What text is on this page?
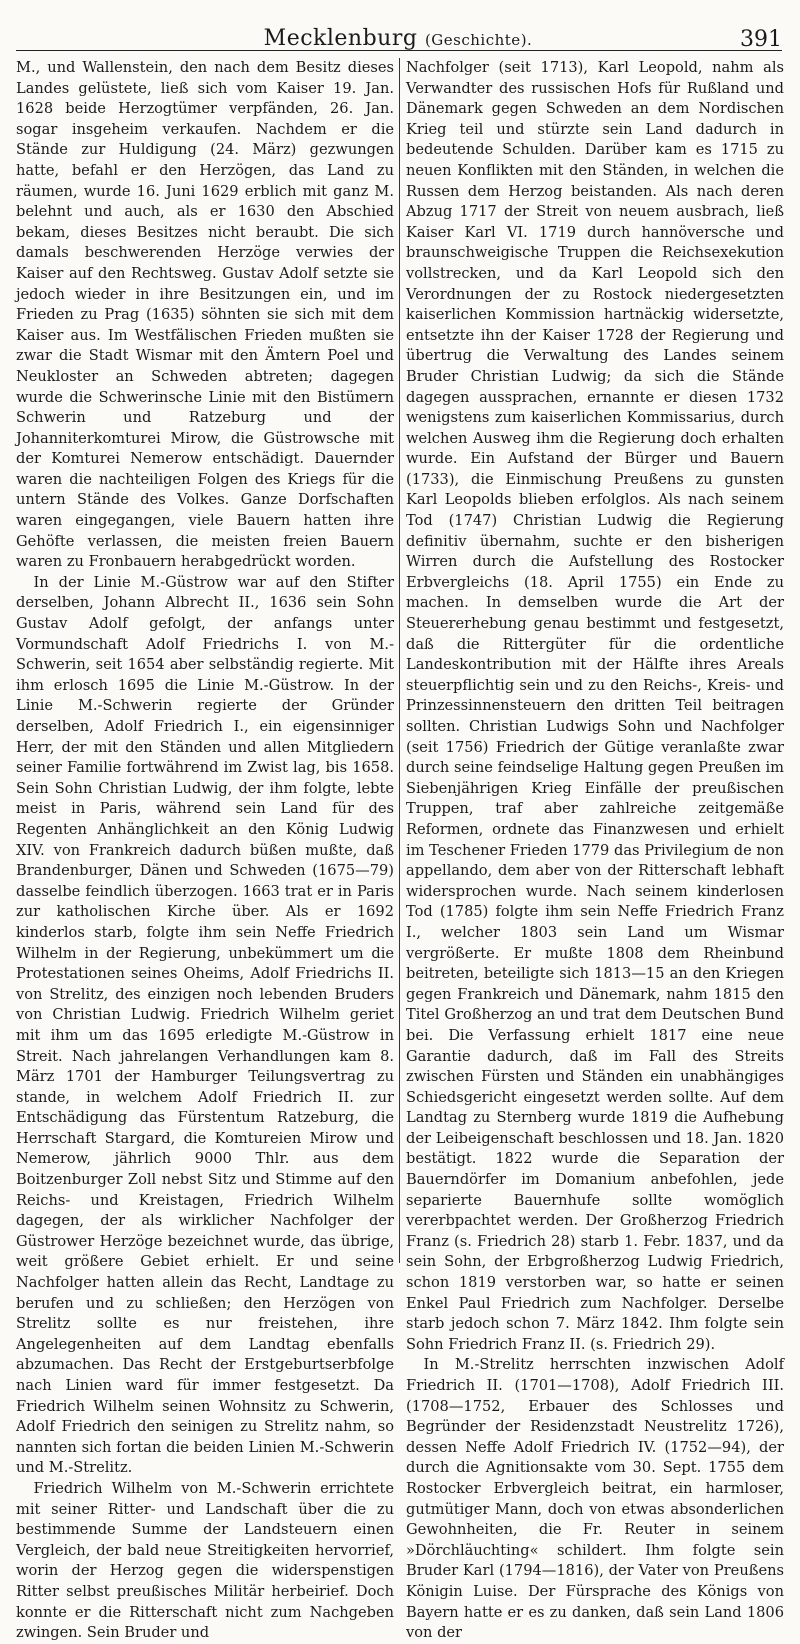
Mecklenburg (Geschichte).	391

M., und Wallenstein, den nach dem Besitz dieses Landes gelüstete, ließ sich vom Kaiser 19. Jan. 1628 beide Herzogtümer verpfänden, 26. Jan. sogar insgeheim verkaufen. Nachdem er die Stände zur Huldigung (24. März) gezwungen hatte, befahl er den Herzögen, das Land zu räumen, wurde 16. Juni 1629 erblich mit ganz M. belehnt und auch, als er 1630 den Abschied bekam, dieses Besitzes nicht beraubt. Die sich damals beschwerenden Herzöge verwies der Kaiser auf den Rechtsweg. Gustav Adolf setzte sie jedoch wieder in ihre Besitzungen ein, und im Frieden zu Prag (1635) söhnten sie sich mit dem Kaiser aus. Im Westfälischen Frieden mußten sie zwar die Stadt Wismar mit den Ämtern Poel und Neukloster an Schweden abtreten; dagegen wurde die Schwerinsche Linie mit den Bistümern Schwerin und Ratzeburg und der Johanniterkomturei Mirow, die Güstrowsche mit der Komturei Nemerow entschädigt. Dauernder waren die nachteiligen Folgen des Kriegs für die untern Stände des Volkes. Ganze Dorfschaften waren eingegangen, viele Bauern hatten ihre Gehöfte verlassen, die meisten freien Bauern waren zu Fronbauern herabgedrückt worden.

In der Linie M.-Güstrow war auf den Stifter derselben, Johann Albrecht II., 1636 sein Sohn Gustav Adolf gefolgt, der anfangs unter Vormundschaft Adolf Friedrichs I. von M.-Schwerin, seit 1654 aber selbständig regierte. Mit ihm erlosch 1695 die Linie M.-Güstrow. In der Linie M.-Schwerin regierte der Gründer derselben, Adolf Friedrich I., ein eigensinniger Herr, der mit den Ständen und allen Mitgliedern seiner Familie fortwährend im Zwist lag, bis 1658. Sein Sohn Christian Ludwig, der ihm folgte, lebte meist in Paris, während sein Land für des Regenten Anhänglichkeit an den König Ludwig XIV. von Frankreich dadurch büßen mußte, daß Brandenburger, Dänen und Schweden (1675—79) dasselbe feindlich überzogen. 1663 trat er in Paris zur katholischen Kirche über. Als er 1692 kinderlos starb, folgte ihm sein Neffe Friedrich Wilhelm in der Regierung, unbekümmert um die Protestationen seines Oheims, Adolf Friedrichs II. von Strelitz, des einzigen noch lebenden Bruders von Christian Ludwig. Friedrich Wilhelm geriet mit ihm um das 1695 erledigte M.-Güstrow in Streit. Nach jahrelangen Verhandlungen kam 8. März 1701 der Hamburger Teilungsvertrag zu stande, in welchem Adolf Friedrich II. zur Entschädigung das Fürstentum Ratzeburg, die Herrschaft Stargard, die Komtureien Mirow und Nemerow, jährlich 9000 Thlr. aus dem Boitzenburger Zoll nebst Sitz und Stimme auf den Reichs- und Kreistagen, Friedrich Wilhelm dagegen, der als wirklicher Nachfolger der Güstrower Herzöge bezeichnet wurde, das übrige, weit größere Gebiet erhielt. Er und seine Nachfolger hatten allein das Recht, Landtage zu berufen und zu schließen; den Herzögen von Strelitz sollte es nur freistehen, ihre Angelegenheiten auf dem Landtag ebenfalls abzumachen. Das Recht der Erstgeburtserbfolge nach Linien ward für immer festgesetzt. Da Friedrich Wilhelm seinen Wohnsitz zu Schwerin, Adolf Friedrich den seinigen zu Strelitz nahm, so nannten sich fortan die beiden Linien M.-Schwerin und M.-Strelitz.

Friedrich Wilhelm von M.-Schwerin errichtete mit seiner Ritter- und Landschaft über die zu bestimmende Summe der Landsteuern einen Vergleich, der bald neue Streitigkeiten hervorrief, worin der Herzog gegen die widerspenstigen Ritter selbst preußisches Militär herbeirief. Doch konnte er die Ritterschaft nicht zum Nachgeben zwingen. Sein Bruder und

Nachfolger (seit 1713), Karl Leopold, nahm als Verwandter des russischen Hofs für Rußland und Dänemark gegen Schweden an dem Nordischen Krieg teil und stürzte sein Land dadurch in bedeutende Schulden. Darüber kam es 1715 zu neuen Konflikten mit den Ständen, in welchen die Russen dem Herzog beistanden. Als nach deren Abzug 1717 der Streit von neuem ausbrach, ließ Kaiser Karl VI. 1719 durch hannöversche und braunschweigische Truppen die Reichsexekution vollstrecken, und da Karl Leopold sich den Verordnungen der zu Rostock niedergesetzten kaiserlichen Kommission hartnäckig widersetzte, entsetzte ihn der Kaiser 1728 der Regierung und übertrug die Verwaltung des Landes seinem Bruder Christian Ludwig; da sich die Stände dagegen aussprachen, ernannte er diesen 1732 wenigstens zum kaiserlichen Kommissarius, durch welchen Ausweg ihm die Regierung doch erhalten wurde. Ein Aufstand der Bürger und Bauern (1733), die Einmischung Preußens zu gunsten Karl Leopolds blieben erfolglos. Als nach seinem Tod (1747) Christian Ludwig die Regierung definitiv übernahm, suchte er den bisherigen Wirren durch die Aufstellung des Rostocker Erbvergleichs (18. April 1755) ein Ende zu machen. In demselben wurde die Art der Steuererhebung genau bestimmt und festgesetzt, daß die Rittergüter für die ordentliche Landeskontribution mit der Hälfte ihres Areals steuerpflichtig sein und zu den Reichs-, Kreis- und Prinzessinnensteuern den dritten Teil beitragen sollten. Christian Ludwigs Sohn und Nachfolger (seit 1756) Friedrich der Gütige veranlaßte zwar durch seine feindselige Haltung gegen Preußen im Siebenjährigen Krieg Einfälle der preußischen Truppen, traf aber zahlreiche zeitgemäße Reformen, ordnete das Finanzwesen und erhielt im Teschener Frieden 1779 das Privilegium de non appellando, dem aber von der Ritterschaft lebhaft widersprochen wurde. Nach seinem kinderlosen Tod (1785) folgte ihm sein Neffe Friedrich Franz I., welcher 1803 sein Land um Wismar vergrößerte. Er mußte 1808 dem Rheinbund beitreten, beteiligte sich 1813—15 an den Kriegen gegen Frankreich und Dänemark, nahm 1815 den Titel Großherzog an und trat dem Deutschen Bund bei. Die Verfassung erhielt 1817 eine neue Garantie dadurch, daß im Fall des Streits zwischen Fürsten und Ständen ein unabhängiges Schiedsgericht eingesetzt werden sollte. Auf dem Landtag zu Sternberg wurde 1819 die Aufhebung der Leibeigenschaft beschlossen und 18. Jan. 1820 bestätigt. 1822 wurde die Separation der Bauerndörfer im Domanium anbefohlen, jede separierte Bauernhufe sollte womöglich vererbpachtet werden. Der Großherzog Friedrich Franz (s. Friedrich 28) starb 1. Febr. 1837, und da sein Sohn, der Erbgroßherzog Ludwig Friedrich, schon 1819 verstorben war, so hatte er seinen Enkel Paul Friedrich zum Nachfolger. Derselbe starb jedoch schon 7. März 1842. Ihm folgte sein Sohn Friedrich Franz II. (s. Friedrich 29).

In M.-Strelitz herrschten inzwischen Adolf Friedrich II. (1701—1708), Adolf Friedrich III. (1708—1752, Erbauer des Schlosses und Begründer der Residenzstadt Neustrelitz 1726), dessen Neffe Adolf Friedrich IV. (1752—94), der durch die Agnitionsakte vom 30. Sept. 1755 dem Rostocker Erbvergleich beitrat, ein harmloser, gutmütiger Mann, doch von etwas absonderlichen Gewohnheiten, die Fr. Reuter in seinem »Dörchläuchting« schildert. Ihm folgte sein Bruder Karl (1794—1816), der Vater von Preußens Königin Luise. Der Fürsprache des Königs von Bayern hatte er es zu danken, daß sein Land 1806 von der
